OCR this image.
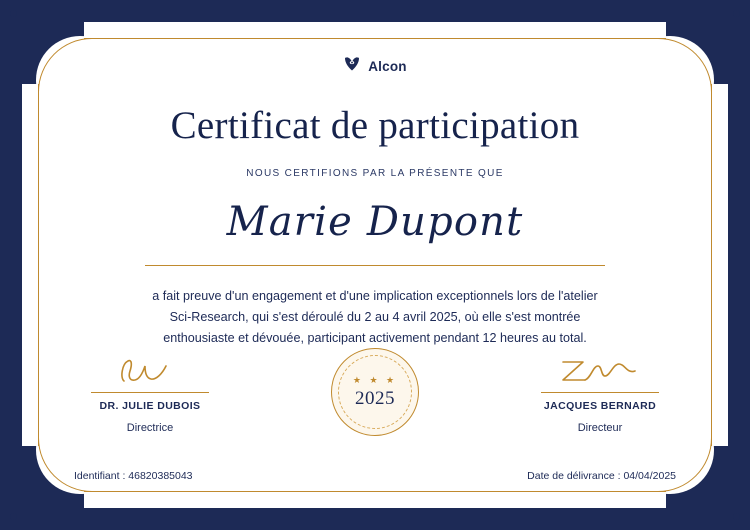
Alcon
Certificat de participation
NOUS CERTIFIONS PAR LA PRÉSENTE QUE
Marie Dupont
a fait preuve d'un engagement et d'une implication exceptionnels lors de l'atelier Sci-Research, qui s'est déroulé du 2 au 4 avril 2025, où elle s'est montrée enthousiaste et dévouée, participant activement pendant 12 heures au total.
DR. JULIE DUBOIS
Directrice
★ ★ ★
2025	JACQUES BERNARD
Directeur
Identifiant : 46820385043	Date de délivrance : 04/04/2025
